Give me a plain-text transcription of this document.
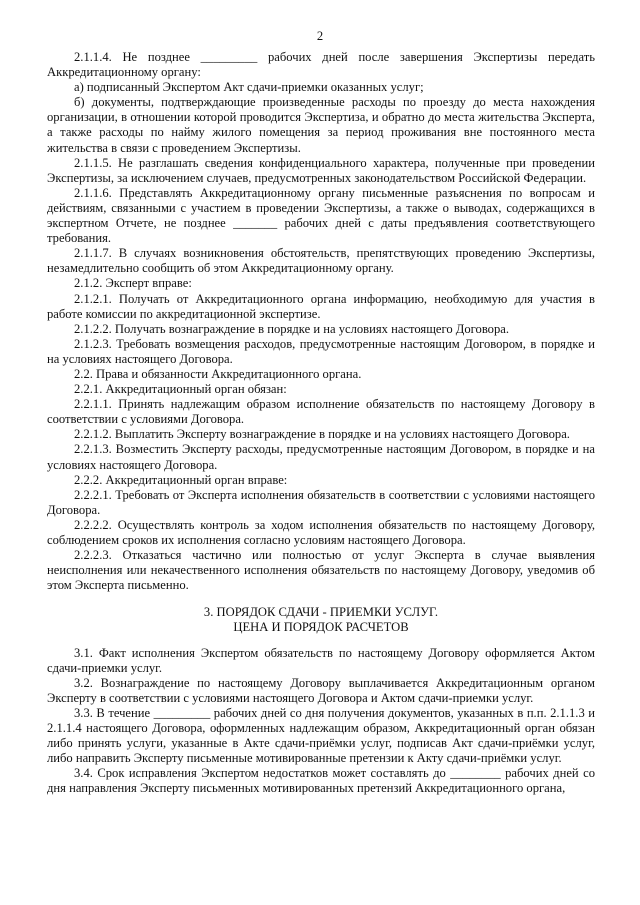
2

2.1.1.4. Не позднее _________ рабочих дней после завершения Экспертизы передать Аккредитационному органу:

а) подписанный Экспертом Акт сдачи-приемки оказанных услуг;

б) документы, подтверждающие произведенные расходы по проезду до места нахождения организации, в отношении которой проводится Экспертиза, и обратно до места жительства Эксперта, а также расходы по найму жилого помещения за период проживания вне постоянного места жительства в связи с проведением Экспертизы.

2.1.1.5. Не разглашать сведения конфиденциального характера, полученные при проведении Экспертизы, за исключением случаев, предусмотренных законодательством Российской Федерации.

2.1.1.6. Представлять Аккредитационному органу письменные разъяснения по вопросам и действиям, связанными с участием в проведении Экспертизы, а также о выводах, содержащихся в экспертном Отчете, не позднее _______ рабочих дней с даты предъявления соответствующего требования.

2.1.1.7. В случаях возникновения обстоятельств, препятствующих проведению Экспертизы, незамедлительно сообщить об этом Аккредитационному органу.

2.1.2. Эксперт вправе:

2.1.2.1. Получать от Аккредитационного органа информацию, необходимую для участия в работе комиссии по аккредитационной экспертизе.

2.1.2.2. Получать вознаграждение в порядке и на условиях настоящего Договора.

2.1.2.3. Требовать возмещения расходов, предусмотренные настоящим Договором, в порядке и на условиях настоящего Договора.

2.2. Права и обязанности Аккредитационного органа.

2.2.1. Аккредитационный орган обязан:

2.2.1.1. Принять надлежащим образом исполнение обязательств по настоящему Договору в соответствии с условиями Договора.

2.2.1.2. Выплатить Эксперту вознаграждение в порядке и на условиях настоящего Договора.

2.2.1.3. Возместить Эксперту расходы, предусмотренные настоящим Договором, в порядке и на условиях настоящего Договора.

2.2.2. Аккредитационный орган вправе:

2.2.2.1. Требовать от Эксперта исполнения обязательств в соответствии с условиями настоящего Договора.

2.2.2.2. Осуществлять контроль за ходом исполнения обязательств по настоящему Договору, соблюдением сроков их исполнения согласно условиям настоящего Договора.

2.2.2.3. Отказаться частично или полностью от услуг Эксперта в случае выявления неисполнения или некачественного исполнения обязательств по настоящему Договору, уведомив об этом Эксперта письменно.

3. ПОРЯДОК СДАЧИ - ПРИЕМКИ УСЛУГ.

ЦЕНА И ПОРЯДОК РАСЧЕТОВ

3.1. Факт исполнения Экспертом обязательств по настоящему Договору оформляется Актом сдачи-приемки услуг.

3.2. Вознаграждение по настоящему Договору выплачивается Аккредитационным органом Эксперту в соответствии с условиями настоящего Договора и Актом сдачи-приемки услуг.

3.3. В течение _________ рабочих дней со дня получения документов, указанных в п.п. 2.1.1.3 и 2.1.1.4 настоящего Договора, оформленных надлежащим образом, Аккредитационный орган обязан либо принять услуги, указанные в Акте сдачи-приёмки услуг, подписав Акт сдачи-приёмки услуг, либо направить Эксперту письменные мотивированные претензии к Акту сдачи-приёмки услуг.

3.4. Срок исправления Экспертом недостатков может составлять до ________ рабочих дней со дня направления Эксперту письменных мотивированных претензий Аккредитационного органа,
